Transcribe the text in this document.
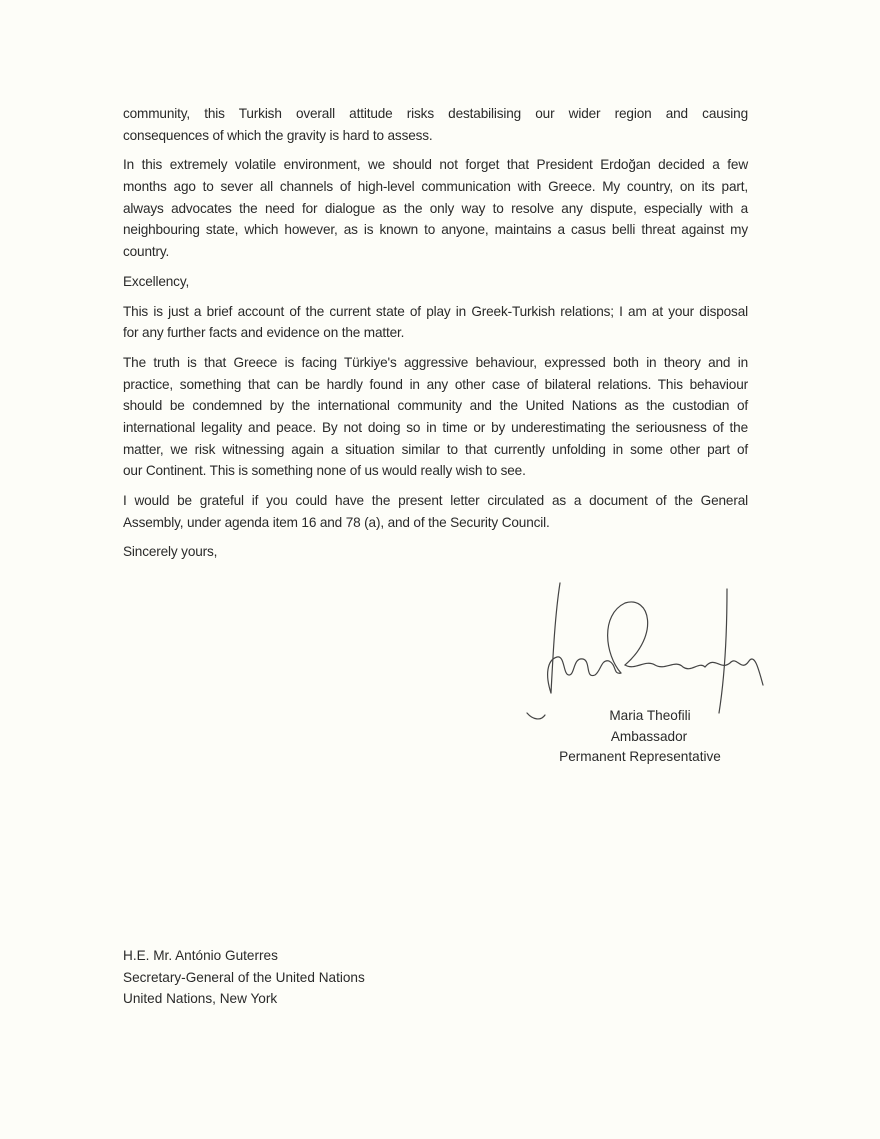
community, this Turkish overall attitude risks destabilising our wider region and causing
consequences of which the gravity is hard to assess.
In this extremely volatile environment, we should not forget that President Erdoğan decided a few
months ago to sever all channels of high-level communication with Greece. My country, on its part,
always advocates the need for dialogue as the only way to resolve any dispute, especially with a
neighbouring state, which however, as is known to anyone, maintains a casus belli threat against my
country.
Excellency,
This is just a brief account of the current state of play in Greek-Turkish relations; I am at your disposal
for any further facts and evidence on the matter.
The truth is that Greece is facing Türkiye's aggressive behaviour, expressed both in theory and in
practice, something that can be hardly found in any other case of bilateral relations. This behaviour
should be condemned by the international community and the United Nations as the custodian of
international legality and peace. By not doing so in time or by underestimating the seriousness of the
matter, we risk witnessing again a situation similar to that currently unfolding in some other part of
our Continent. This is something none of us would really wish to see.
I would be grateful if you could have the present letter circulated as a document of the General
Assembly, under agenda item 16 and 78 (a), and of the Security Council.
Sincerely yours,
Maria Theofili
Ambassador
Permanent Representative
H.E. Mr. António Guterres
Secretary-General of the United Nations
United Nations, New York
